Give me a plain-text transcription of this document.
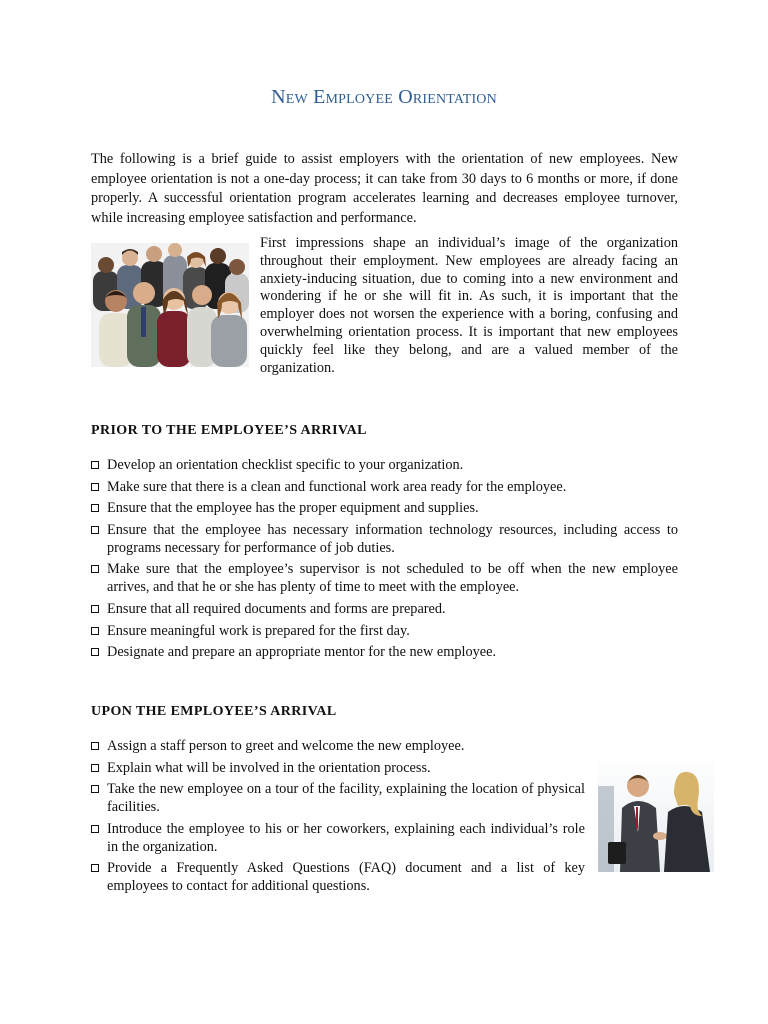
New Employee Orientation

The following is a brief guide to assist employers with the orientation of new employees. New employee orientation is not a one-day process; it can take from 30 days to 6 months or more, if done properly. A successful orientation program accelerates learning and decreases employee turnover, while increasing employee satisfaction and performance.

First impressions shape an individual’s image of the organization throughout their employment. New employees are already facing an anxiety-inducing situation, due to coming into a new environment and wondering if he or she will fit in. As such, it is important that the employer does not worsen the experience with a boring, confusing and overwhelming orientation process. It is important that new employees quickly feel like they belong, and are a valued member of the organization.

PRIOR TO THE EMPLOYEE’S ARRIVAL
Develop an orientation checklist specific to your organization.
Make sure that there is a clean and functional work area ready for the employee.
Ensure that the employee has the proper equipment and supplies.
Ensure that the employee has necessary information technology resources, including access to programs necessary for performance of job duties.
Make sure that the employee’s supervisor is not scheduled to be off when the new employee arrives, and that he or she has plenty of time to meet with the employee.
Ensure that all required documents and forms are prepared.
Ensure meaningful work is prepared for the first day.
Designate and prepare an appropriate mentor for the new employee.
UPON THE EMPLOYEE’S ARRIVAL
Assign a staff person to greet and welcome the new employee.
Explain what will be involved in the orientation process.
Take the new employee on a tour of the facility, explaining the location of physical facilities.
Introduce the employee to his or her coworkers, explaining each individual’s role in the organization.
Provide a Frequently Asked Questions (FAQ) document and a list of key employees to contact for additional questions.
